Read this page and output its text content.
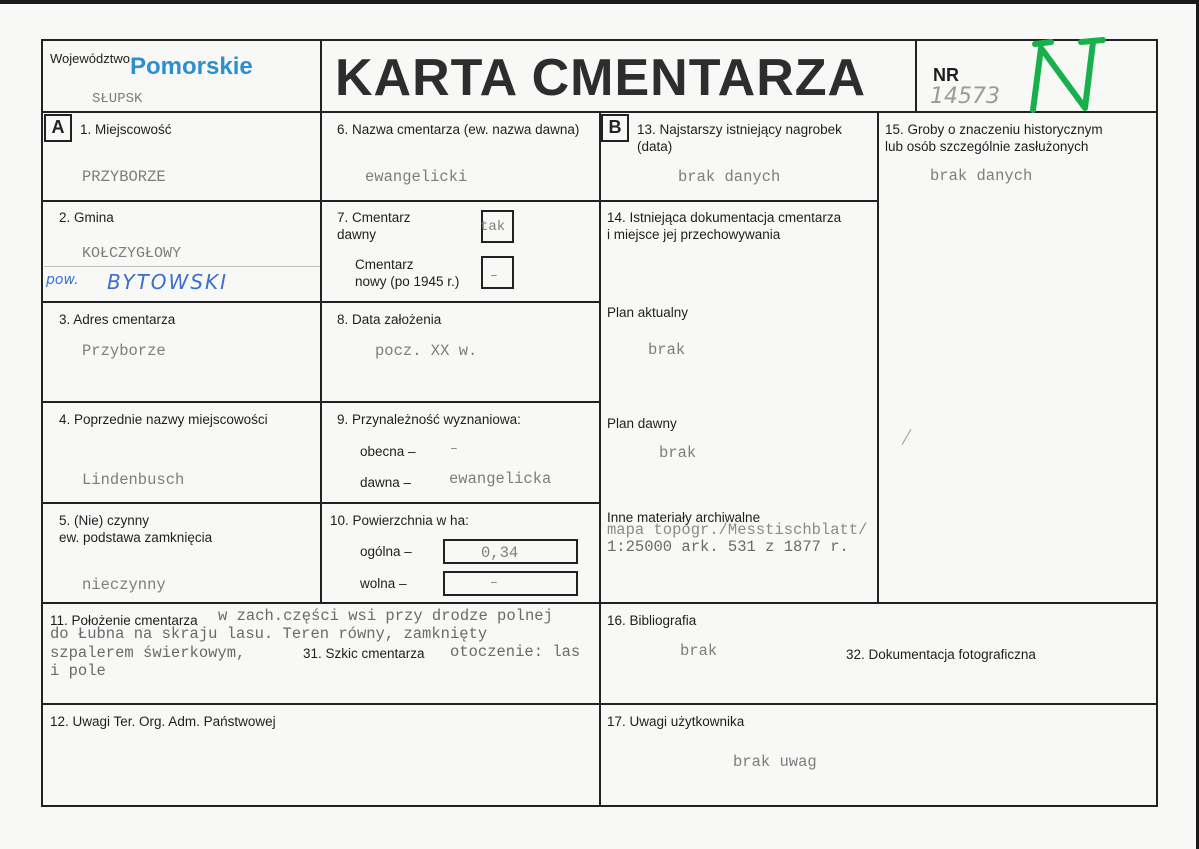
Województwo Pomorskie
SŁUPSK	KARTA CMENTARZA	NR
14573
A	B
1. Miejscowość
PRZYBORZE
2. Gmina
KOŁCZYGŁOWY
pow. BYTOWSKI
3. Adres cmentarza
Przyborze
4. Poprzednie nazwy miejscowości
Lindenbusch
5. (Nie) czynny
ew. podstawa zamknięcia
nieczynny
6. Nazwa cmentarza (ew. nazwa dawna)
ewangelicki
7. Cmentarz
dawny	tak
Cmentarz
nowy (po 1945 r.) –
8. Data założenia
pocz. XX w.
9. Przynależność wyznaniowa:
obecna –	–
dawna – ewangelicka
10. Powierzchnia w ha:
ogólna –	0,34
wolna –	–
11. Położenie cmentarza w zach.części wsi przy drodze polnej
do Łubna na skraju lasu. Teren równy, zamknięty
szpalerem świerkowym,	31. Szkic cmentarza otoczenie: las
i pole
12. Uwagi Ter. Org. Adm. Państwowej
13. Najstarszy istniejący nagrobek
(data)
brak danych
14. Istniejąca dokumentacja cmentarza
i miejsce jej przechowywania
Plan aktualny
brak
Plan dawny
brak
Inne materiały archiwalne
mapa topogr./Messtischblatt/
1:25000 ark. 531 z 1877 r.
15. Groby o znaczeniu historycznym
lub osób szczególnie zasłużonych
brak danych
16. Bibliografia
brak	32. Dokumentacja fotograficzna
17. Uwagi użytkownika
brak uwag
